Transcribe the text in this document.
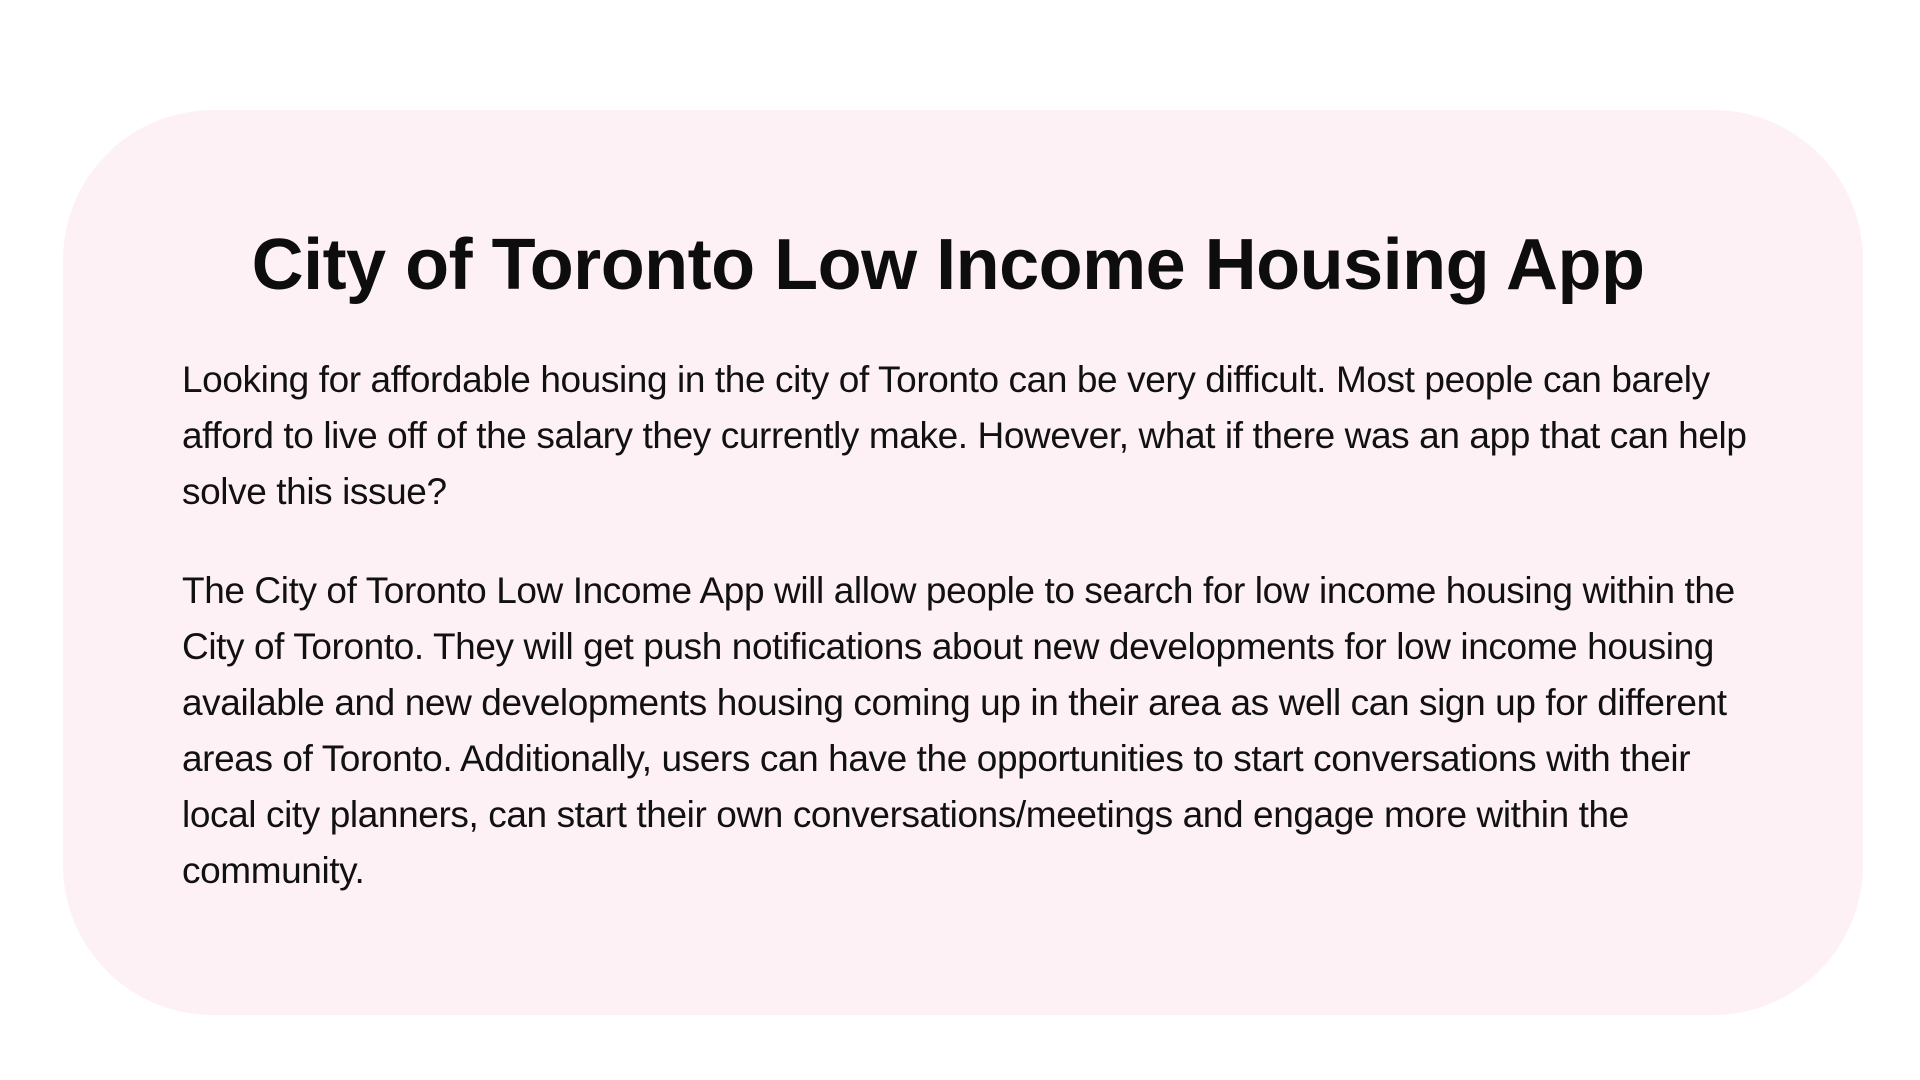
City of Toronto Low Income Housing App

Looking for affordable housing in the city of Toronto can be very difficult. Most people can barely afford to live off of the salary they currently make. However, what if there was an app that can help solve this issue?

The City of Toronto Low Income App will allow people to search for low income housing within the City of Toronto. They will get push notifications about new developments for low income housing available and new developments housing coming up in their area as well can sign up for different areas of Toronto. Additionally, users can have the opportunities to start conversations with their local city planners, can start their own conversations/meetings and engage more within the community.
